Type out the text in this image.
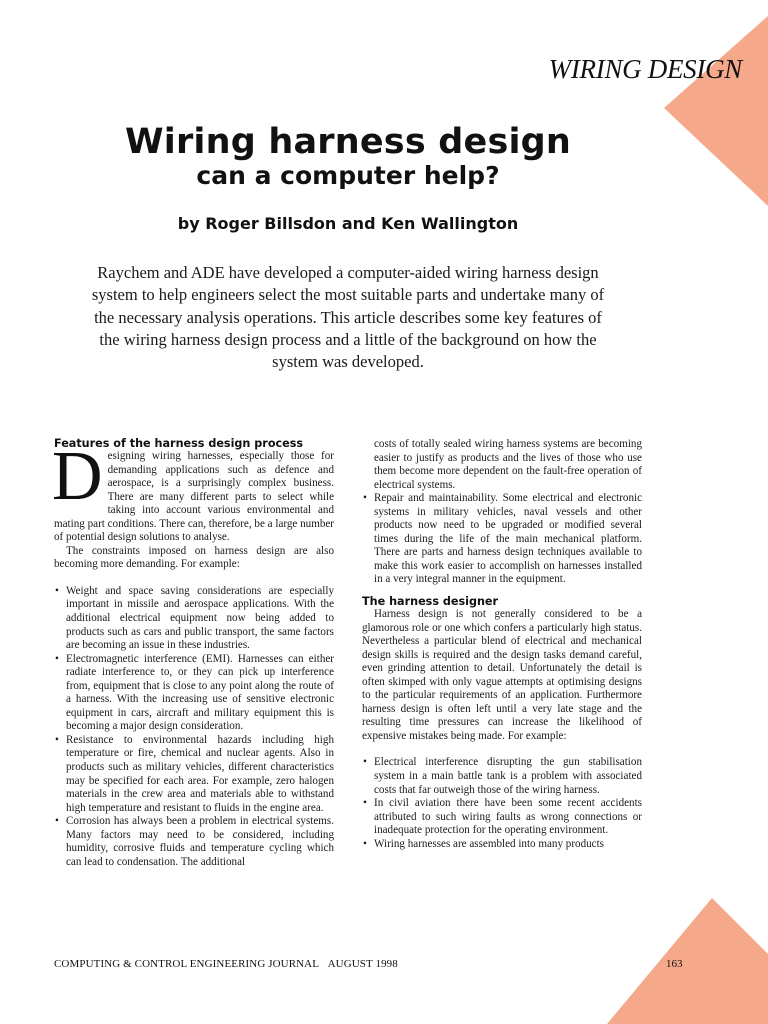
WIRING DESIGN
Wiring harness design
can a computer help?
by Roger Billsdon and Ken Wallington
Raychem and ADE have developed a computer-aided wiring harness design system to help engineers select the most suitable parts and undertake many of the necessary analysis operations. This article describes some key features of the wiring harness design process and a little of the background on how the system was developed.

Features of the harness design process

Designing wiring harnesses, especially those for demanding applications such as defence and aerospace, is a surprisingly complex business. There are many different parts to select while taking into account various environmental and mating part conditions. There can, therefore, be a large number of potential design solutions to analyse.

The constraints imposed on harness design are also becoming more demanding. For example:

• Weight and space saving considerations are especially important in missile and aerospace applications. With the additional electrical equipment now being added to products such as cars and public transport, the same factors are becoming an issue in these industries.
• Electromagnetic interference (EMI). Harnesses can either radiate interference to, or they can pick up interference from, equipment that is close to any point along the route of a harness. With the increasing use of sensitive electronic equipment in cars, aircraft and military equipment this is becoming a major design consideration.
• Resistance to environmental hazards including high temperature or fire, chemical and nuclear agents. Also in products such as military vehicles, different characteristics may be specified for each area. For example, zero halogen materials in the crew area and materials able to withstand high temperature and resistant to fluids in the engine area.
• Corrosion has always been a problem in electrical systems. Many factors may need to be considered, including humidity, corrosive fluids and temperature cycling which can lead to condensation. The additional

costs of totally sealed wiring harness systems are becoming easier to justify as products and the lives of those who use them become more dependent on the fault-free operation of electrical systems.

• Repair and maintainability. Some electrical and electronic systems in military vehicles, naval vessels and other products now need to be upgraded or modified several times during the life of the main mechanical platform. There are parts and harness design techniques available to make this work easier to accomplish on harnesses installed in a very integral manner in the equipment.

The harness designer

Harness design is not generally considered to be a glamorous role or one which confers a particularly high status. Nevertheless a particular blend of electrical and mechanical design skills is required and the design tasks demand careful, even grinding attention to detail. Unfortunately the detail is often skimped with only vague attempts at optimising designs to the particular requirements of an application. Furthermore harness design is often left until a very late stage and the resulting time pressures can increase the likelihood of expensive mistakes being made. For example:

• Electrical interference disrupting the gun stabilisation system in a main battle tank is a problem with associated costs that far outweigh those of the wiring harness.
• In civil aviation there have been some recent accidents attributed to such wiring faults as wrong connections or inadequate protection for the operating environment.
• Wiring harnesses are assembled into many products
COMPUTING & CONTROL ENGINEERING JOURNAL AUGUST 1998	163
